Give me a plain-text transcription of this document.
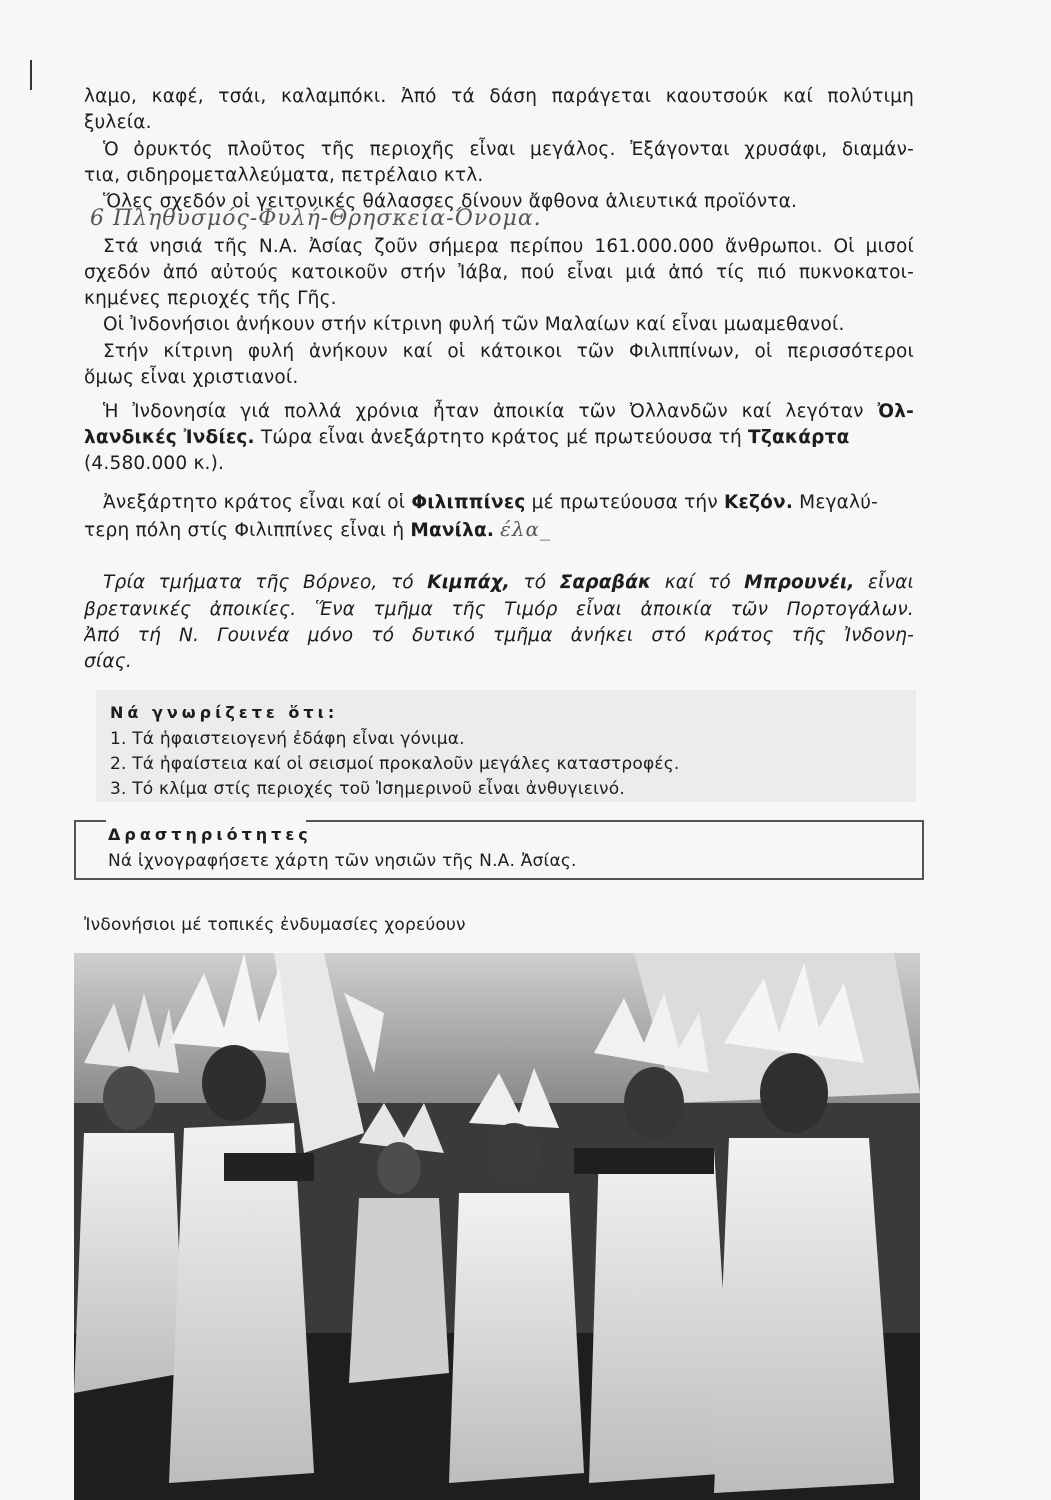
λαμο, καφέ, τσάι, καλαμπόκι. Ἀπό τά δάση παράγεται καουτσούκ καί πολύτιμη
ξυλεία.
Ὁ ὀρυκτός πλοῦτος τῆς περιοχῆς εἶναι μεγάλος. Ἐξάγονται χρυσάφι, διαμάν-
τια, σιδηρομεταλλεύματα, πετρέλαιο κτλ.
Ὅλες σχεδόν οἱ γειτονικές θάλασσες δίνουν ἄφθονα ἁλιευτικά προϊόντα.
6 Πληθυσμός-Φυλή-Θρησκεία-Όνομα.
Στά νησιά τῆς Ν.Α. Ἀσίας ζοῦν σήμερα περίπου 161.000.000 ἄνθρωποι. Οἱ μισοί
σχεδόν ἀπό αὐτούς κατοικοῦν στήν Ἰάβα, πού εἶναι μιά ἀπό τίς πιό πυκνοκατοι-
κημένες περιοχές τῆς Γῆς.
Οἱ Ἰνδονήσιοι ἀνήκουν στήν κίτρινη φυλή τῶν Μαλαίων καί εἶναι μωαμεθανοί.
Στήν κίτρινη φυλή ἀνήκουν καί οἱ κάτοικοι τῶν Φιλιππίνων, οἱ περισσότεροι
ὅμως εἶναι χριστιανοί.
Ἡ Ἰνδονησία γιά πολλά χρόνια ἦταν ἀποικία τῶν Ὀλλανδῶν καί λεγόταν Ὀλ-
λανδικές Ἰνδίες. Τώρα εἶναι ἀνεξάρτητο κράτος μέ πρωτεύουσα τή Τζακάρτα
(4.580.000 κ.).
Ἀνεξάρτητο κράτος εἶναι καί οἱ Φιλιππίνες μέ πρωτεύουσα τήν Κεζόν. Μεγαλύ-
τερη πόλη στίς Φιλιππίνες εἶναι ἡ Μανίλα. έλα_
Τρία τμήματα τῆς Βόρνεο, τό Κιμπάχ, τό Σαραβάκ καί τό Μπρουνέι, εἶναι
βρετανικές ἀποικίες. Ἕνα τμῆμα τῆς Τιμόρ εἶναι ἀποικία τῶν Πορτογάλων.
Ἀπό τή Ν. Γουινέα μόνο τό δυτικό τμῆμα ἀνήκει στό κράτος τῆς Ἰνδονη-
σίας.
Νά γνωρίζετε ὅτι:
1. Τά ἡφαιστειογενή ἐδάφη εἶναι γόνιμα.
2. Τά ἡφαίστεια καί οἱ σεισμοί προκαλοῦν μεγάλες καταστροφές.
3. Τό κλίμα στίς περιοχές τοῦ Ἰσημερινοῦ εἶναι ἀνθυγιεινό.
Δραστηριότητες
Νά ἰχνογραφήσετε χάρτη τῶν νησιῶν τῆς Ν.Α. Ἀσίας.
Ἰνδονήσιοι μέ τοπικές ἐνδυμασίες χορεύουν
